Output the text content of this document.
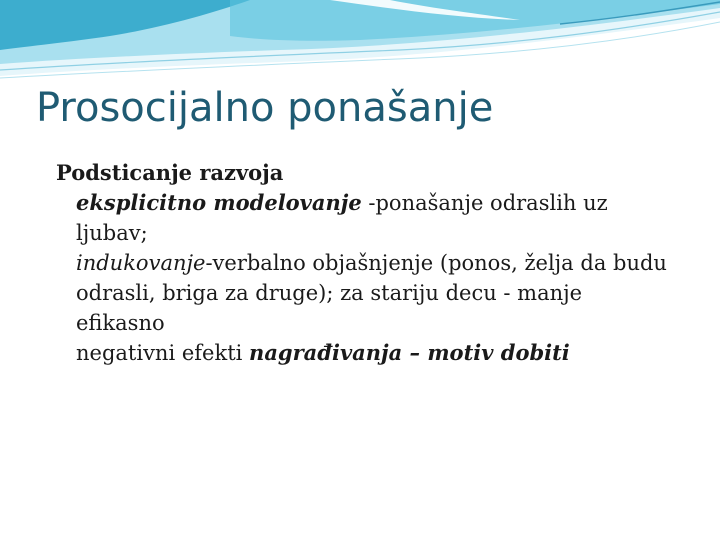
Prosocijalno ponašanje

Podsticanje razvoja

eksplicitno modelovanje -ponašanje odraslih uz ljubav;

indukovanje-verbalno objašnjenje (ponos, želja da budu odrasli, briga za druge); za stariju decu - manje efikasno

negativni efekti nagrađivanja – motiv dobiti
